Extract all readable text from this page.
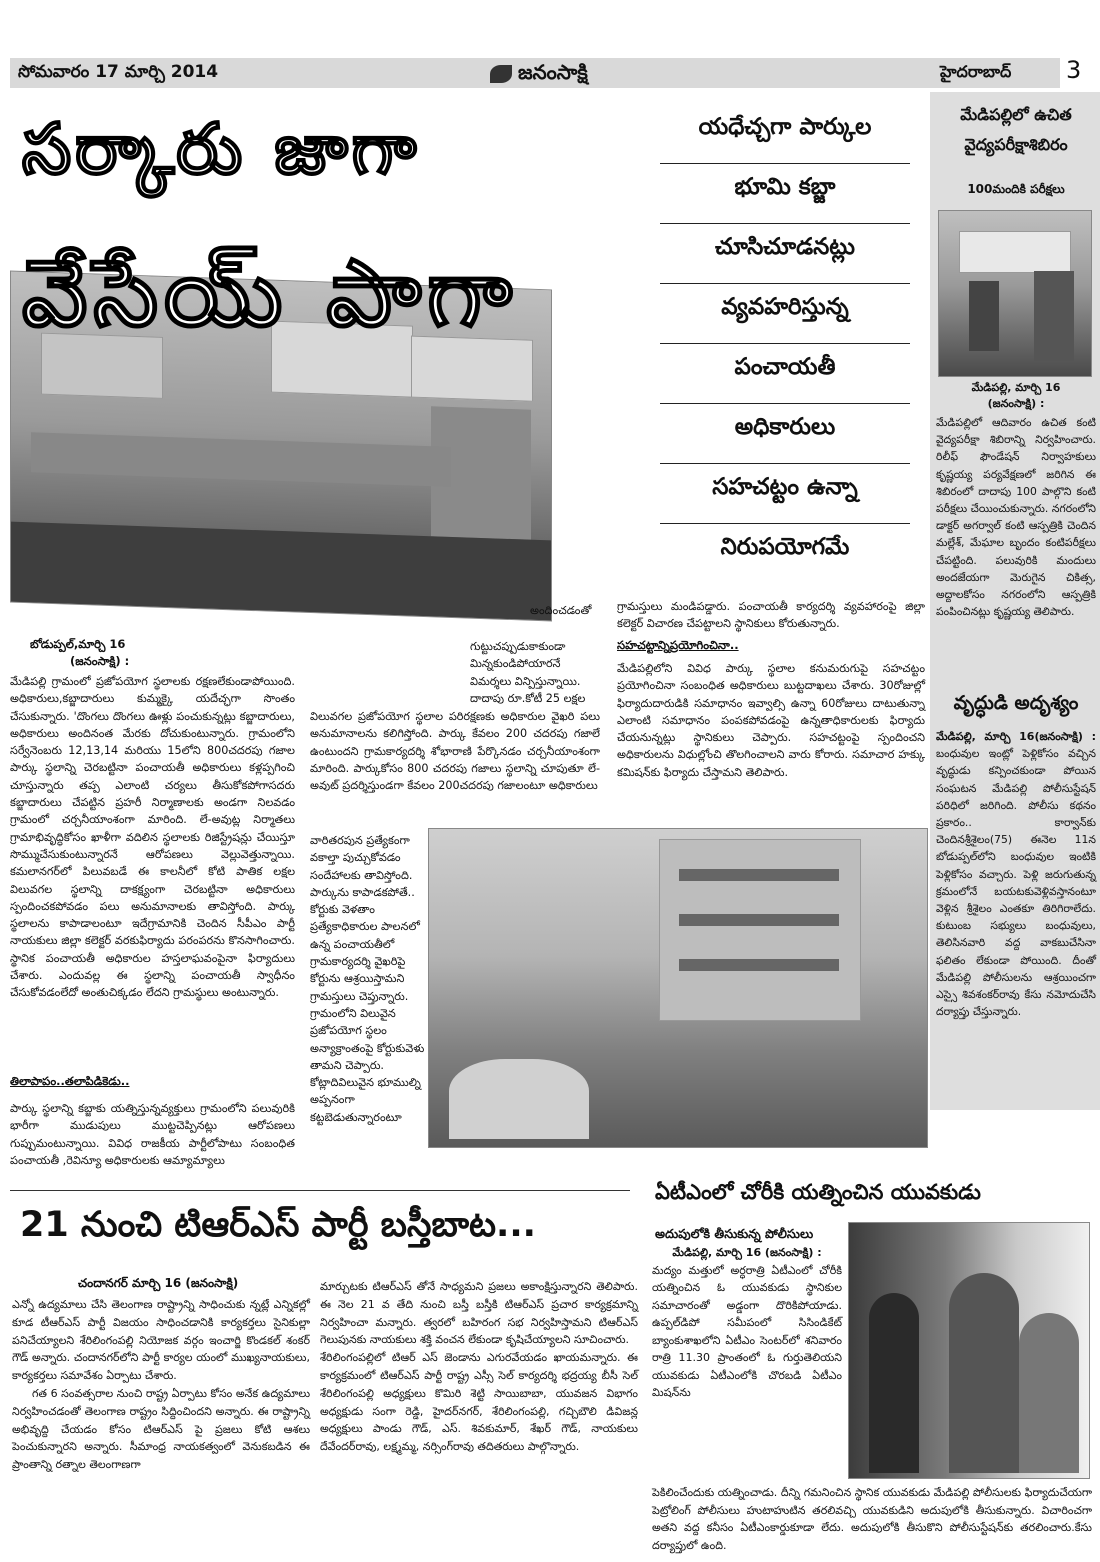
సోమవారం 17 మార్చి 2014	జనంసాక్షి	హైదరాబాద్ 3
సర్కారు జాగా
వేసేయ్ పాగా
యధేచ్చగా పార్కుల
భూమి కబ్జా
చూసిచూడనట్లు
వ్యవహరిస్తున్న
పంచాయతీ
అధికారులు
సహచట్టం ఉన్నా
నిరుపయోగమే
మేడిపల్లిలో ఉచిత వైద్యపరీక్షాశిబిరం
100మందికి పరీక్షలు
మేడిపల్లి, మార్చి 16
(జనంసాక్షి) :
మేడిపల్లిలో ఆదివారం ఉచిత కంటి వైద్యపరీక్షా శిబిరాన్ని నిర్వహించారు. రిలీఫ్ ఫౌండేషన్ నిర్వాహకులు కృష్ణయ్య పర్యవేక్షణలో జరిగిన ఈ శిబిరంలో దాదాపు 100 పాల్గొని కంటి పరీక్షలు చేయించుకున్నారు. నగరంలోని డాక్టర్ అగర్వాల్ కంటి ఆస్పత్రికి చెందిన మల్లేశ్, మేఘాల బృందం కంటిపరీక్షలు చేపట్టింది. పలువురికి మందులు అందజేయగా మెరుగైన చికిత్స, అద్దాలకోసం నగరంలోని ఆస్పత్రికి పంపించినట్లు కృష్ణయ్య తెలిపారు.
వృద్ధుడి అదృశ్యం
మేడిపల్లి, మార్చి 16(జనంసాక్షి) : బంధువుల ఇంట్లో పెళ్లికోసం వచ్చిన వృద్ధుడు కన్పించకుండా పోయిన సంఘటన మేడిపల్లి పోలీసుస్టేషన్ పరిధిలో జరిగింది. పోలీసు కథనం ప్రకారం.. కార్వాన్‌కు చెందినశ్రీశైలం(75) ఈనెల 11న బోడుప్పల్‌లోని బంధువుల ఇంటికి పెళ్లికోసం వచ్చారు. పెళ్లి జరుగుతున్న క్రమంలోనే బయటకువెళ్లివస్తానంటూ వెళ్లిన శ్రీశైలం ఎంతకూ తిరిగిరాలేదు. కుటుంబ సభ్యులు బంధువులు, తెలిసినవారి వద్ద వాకబుచేసినా ఫలితం లేకుండా పోయింది. దీంతో మేడిపల్లి పోలీసులను ఆశ్రయించగా ఎస్సై శివశంకర్‌రావు కేసు నమోదుచేసి దర్యాప్తు చేస్తున్నారు.
బోడుప్పల్,మార్చి 16
(జనంసాక్షి) :
మేడిపల్లి గ్రామంలో ప్రజోపయోగ స్థలాలకు రక్షణలేకుండాపోయింది. అధికారులు,కబ్జాదారులు కుమ్మక్కై యదేచ్ఛగా సొంతం చేసుకున్నారు. 'దొంగలు దొంగలు ఊళ్లు పంచుకున్నట్లు కబ్జాదారులు, అధికారులు అందినంత మేరకు దోచుకుంటున్నారు. గ్రామంలోని సర్వేనెంబరు 12,13,14 మరియు 15లోని 800చదరపు గజాల పార్కు స్థలాన్ని చెరబట్టినా పంచాయతీ అధికారులు కళ్లప్పగించి చూస్తున్నారు తప్ప ఎలాంటి చర్యలు తీసుకోకపోగాసదరు కబ్జాదారులు చేపట్టిన ప్రహరీ నిర్మాణాలకు అండగా నిలవడం గ్రామంలో చర్చనీయాంశంగా మారింది. లే-అవుట్ల నిర్మాతలు గ్రామాభివృద్ధికోసం ఖాళీగా వదిలిన స్థలాలకు రిజిస్ట్రేషన్లు చేయిస్తూ సొమ్ముచేసుకుంటున్నారనే ఆరోపణలు వెల్లువెత్తున్నాయి. కమలానగర్‌లో పిలువబడే ఈ కాలనీలో కోటి పాతిక లక్షల విలువగల స్థలాన్ని దాకక్ష్యంగా చెరబట్టినా అధికారులు స్పందించకపోవడం పలు అనుమానాలకు తావిస్తోంది. పార్కు స్థలాలను కాపాడాలంటూ ఇదేగ్రామానికి చెందిన సీపీఎం పార్టీ నాయకులు జిల్లా కలెక్టర్ వరకుఫిర్యాదు పరంపరను కొనసాగించారు. స్థానిక పంచాయతీ అధికారుల హస్తలాఘవంపైనా ఫిర్యాదులు చేశారు. ఎందువల్ల ఈ స్థలాన్ని పంచాయతీ స్వాధీనం చేసుకోవడంలేదో అంతుచిక్కడం లేదని గ్రామస్థులు అంటున్నారు.
తిలాపాపం..తలాపిడికెడు..
పార్కు స్థలాన్ని కబ్జాకు యత్నిస్తున్నవ్యక్తులు గ్రామంలోని పలువురికి భారీగా ముడుపులు ముట్టచెప్పినట్లు ఆరోపణలు గుప్పుమంటున్నాయి. వివిధ రాజకీయ పార్టీలోపాటు సంబంధిత పంచాయతీ ,రెవిన్యూ అధికారులకు ఆమ్యామ్యాలు
అందించడంతో
గుట్టుచప్పుడుకాకుండా మిన్నకుండిపోయారనే విమర్శలు విన్పిస్తున్నాయి. దాదాపు రూ.కోటీ 25 లక్షల
విలువగల ప్రజోపయోగ స్థలాల పరిరక్షణకు అధికారుల వైఖరి పలు అనుమానాలను కలిగిస్తోంది. పార్కు కేవలం 200 చదరపు గజాలే ఉంటుందని గ్రామకార్యదర్శి శోభారాణి పేర్కొనడం చర్చనీయాంశంగా మారింది. పార్కుకోసం 800 చదరపు గజాలు స్థలాన్ని చూపుతూ లే-అవుట్ ప్రదర్శిస్తుండగా కేవలం 200చదరపు గజాలంటూ అధికారులు
వారితరపున ప్రత్యేకంగా వకాల్తా పుచ్చుకోవడం సందేహాలకు తావిస్తోంది. పార్కును కాపాడకపోతే.. కోర్టుకు వెళతాం ప్రత్యేకాధికారుల పాలనలో ఉన్న పంచాయతీలో గ్రామకార్యదర్శి వైఖరిపై కోర్టును ఆశ్రయిస్తామని గ్రామస్తులు చెప్తున్నారు. గ్రామంలోని విలువైన ప్రజోపయోగ స్థలం అన్యాక్రాంతంపై కోర్టుకువెళు తామని చెప్పారు. కోట్లాదివిలువైన భూముల్ని అప్పనంగా కట్టబెడుతున్నారంటూ
గ్రామస్తులు మండిపడ్డారు. పంచాయతీ కార్యదర్శి వ్యవహారంపై జిల్లా కలెక్టర్ విచారణ చేపట్టాలని స్థానికులు కోరుతున్నారు.
సహచట్టాన్నిప్రయోగించినా..
మేడిపల్లిలోని వివిధ పార్కు స్థలాల కనుమరుగుపై సహచట్టం ప్రయోగించినా సంబంధిత అధికారులు బుట్టదాఖలు చేశారు. 30రోజుల్లో ఫిర్యాదుదారుడికి సమాధానం ఇవ్వాల్సి ఉన్నా 60రోజులు దాటుతున్నా ఎలాంటి సమాధానం పంపకపోవడంపై ఉన్నతాధికారులకు ఫిర్యాదు చేయనున్నట్లు స్థానికులు చెప్పారు. సహచట్టంపై స్పందించని అధికారులను విధుల్లోంచి తొలగించాలని వారు కోరారు. సమాచార హక్కు కమిషన్‌కు ఫిర్యాదు చేస్తామని తెలిపారు.
21 నుంచి టిఆర్‌ఎస్ పార్టీ బస్తీబాట...
చందానగర్ మార్చి 16 (జనంసాక్షి)
ఎన్నో ఉద్యమాలు చేసి తెలంగాణ రాష్ట్రాన్ని సాధించుకు న్నట్లే ఎన్నికల్లో కూడ టీఆర్‌ఎస్ పార్టీ విజయం సాధించడానికి కార్యకర్తలు సైనికుల్లా పనిచేయ్యాలని శేరిలింగంపల్లి నియోజక వర్గం ఇంచార్జి కొండకల్ శంకర్ గౌడ్ అన్నారు. చందానగర్‌లోని పార్టీ కార్యల యంలో ముఖ్యనాయకులు, కార్యకర్తలు సమావేశం ఏర్పాటు చేశారు.
గత 6 సంవత్సరాల నుంచి రాష్ట్ర ఏర్పాటు కోసం అనేక ఉద్యమాలు నిర్వహించడంతో తెలంగాణ రాష్ట్రం సిద్దించిందని అన్నారు. ఈ రాష్ట్రాన్ని అభివృద్ది చేయడం కోసం టిఆర్‌ఎస్ పై ప్రజలు కోటి ఆశలు పెంచుకున్నారని అన్నారు. సీమాంధ్ర నాయకత్వంలో వెనుకబడిన ఈ ప్రాంతాన్ని రత్నాల తెలంగాణగా
మార్చుటకు టిఆర్‌ఎస్ తోనే సాధ్యమని ప్రజలు అకాంక్షిస్తున్నారని తెలిపారు. ఈ నెల 21 వ తేది నుంచి బస్తీ బస్తీకి టిఆర్‌ఎస్ ప్రచార కార్యక్రమాన్ని నిర్వహించా మన్నారు. త్వరలో బహిరంగ సభ నిర్వహిస్తామని టిఆర్‌ఎస్ గెలుపునకు నాయకులు శక్తి వంచన లేకుండా కృషిచేయ్యాలని సూచించారు.
శేరిలింగంపల్లిలో టిఆర్ ఎస్ జెండాను ఎగురవేయడం ఖాయమన్నారు. ఈ కార్యక్రమంలో టిఆర్‌ఎస్ పార్టీ రాష్ట్ర ఎస్సీ సెల్ కార్యదర్శి భద్రయ్య బీసీ సెల్ శేరిలింగంపల్లి అధ్యక్షులు కొమిరి శెట్టి సాయిబాబా, యువజన విభాగం అధ్యక్షుడు సంగా రెడ్డి, హైదర్‌నగర్, శేరిలింగంపల్లి, గచ్చిబౌలి డివిజన్ల అధ్యక్షులు పాండు గౌడ్, ఎస్. శివకుమార్, శేఖర్ గౌడ్, నాయకులు దేవేందర్‌రావు, లక్ష్మమ్మ, నర్సింగ్‌రావు తదితరులు పాల్గొన్నారు.
ఏటీఎంలో చోరీకి యత్నించిన యువకుడు
అదుపులోకి తీసుకున్న పోలీసులు
మేడిపల్లి, మార్చి 16 (జనంసాక్షి) :
మద్యం మత్తులో అర్ధరాత్రి ఏటీఎంలో చోరీకి యత్నించిన ఓ యువకుడు స్థానికుల సమాచారంతో అడ్డంగా దొరికిపోయాడు. ఉప్పల్‌డిపో సమీపంలో సిసిండికేట్ బ్యాంకుశాఖలోని ఏటీఎం సెంటర్‌లో శనివారం రాత్రి 11.30 ప్రాంతంలో ఓ గుర్తుతెలియని యువకుడు ఏటీఎంలోకి చొరబడి ఏటీఎం మిషన్‌ను
పెకిలించేందుకు యత్నించాడు. దీన్ని గమనించిన స్థానిక యువకుడు మేడిపల్లి పోలీసులకు ఫిర్యాదుచేయగా పెట్రోలింగ్ పోలీసులు హుటాహుటిన తరలివచ్చి యువకుడిని అదుపులోకి తీసుకున్నారు. విచారించగా అతని వద్ద కనీసం ఏటీఎంకార్డుకూడా లేదు. అదుపులోకి తీసుకొని పోలీసుస్టేషన్‌కు తరలించారు.కేసు దర్యాప్తులో ఉంది.
